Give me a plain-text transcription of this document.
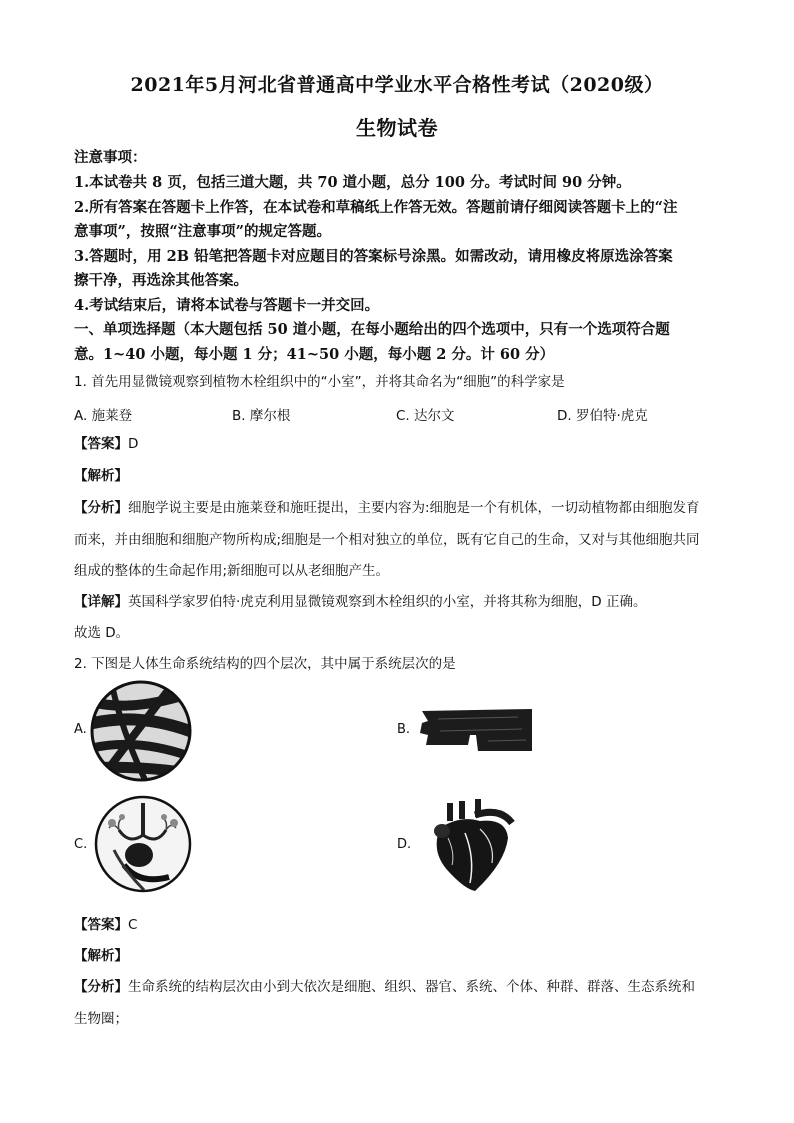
2021年5月河北省普通高中学业水平合格性考试（2020级）
生物试卷
注意事项：
1.本试卷共 8 页，包括三道大题，共 70 道小题，总分 100 分。考试时间 90 分钟。
2.所有答案在答题卡上作答，在本试卷和草稿纸上作答无效。答题前请仔细阅读答题卡上的“注
意事项”，按照“注意事项”的规定答题。
3.答题时，用 2B 铅笔把答题卡对应题目的答案标号涂黑。如需改动，请用橡皮将原选涂答案
擦干净，再选涂其他答案。
4.考试结束后，请将本试卷与答题卡一并交回。
一、单项选择题（本大题包括 50 道小题，在每小题给出的四个选项中，只有一个选项符合题
意。1~40 小题，每小题 1 分；41~50 小题，每小题 2 分。计 60 分）
1. 首先用显微镜观察到植物木栓组织中的“小室”，并将其命名为“细胞”的科学家是
A. 施莱登	B. 摩尔根	C. 达尔文	D. 罗伯特·虎克
【答案】D
【解析】
【分析】细胞学说主要是由施莱登和施旺提出，主要内容为:细胞是一个有机体，一切动植物都由细胞发育
而来，并由细胞和细胞产物所构成;细胞是一个相对独立的单位，既有它自己的生命，又对与其他细胞共同
组成的整体的生命起作用;新细胞可以从老细胞产生。
【详解】英国科学家罗伯特·虎克利用显微镜观察到木栓组织的小室，并将其称为细胞，D 正确。
故选 D。
2. 下图是人体生命系统结构的四个层次，其中属于系统层次的是
A.	B.
C.	D.
【答案】C
【解析】
【分析】生命系统的结构层次由小到大依次是细胞、组织、器官、系统、个体、种群、群落、生态系统和
生物圈；
